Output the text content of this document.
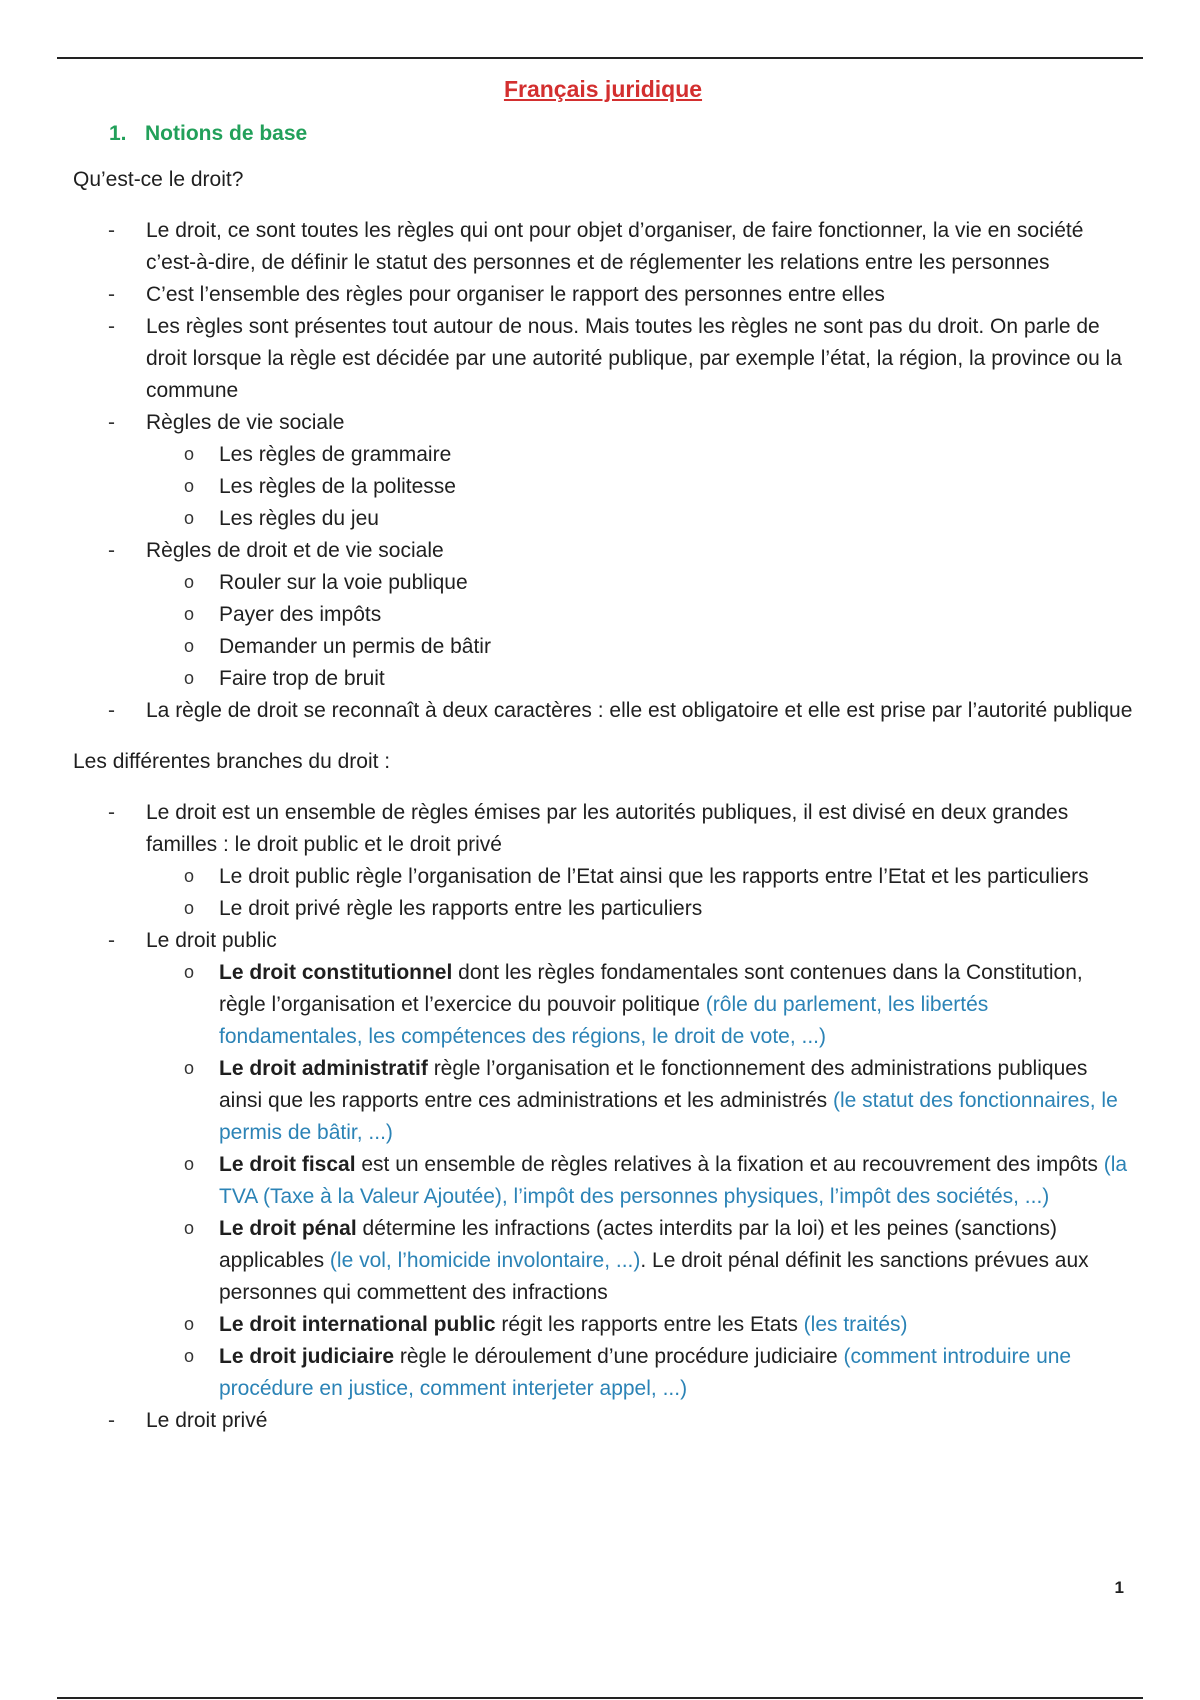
Français juridique
1. Notions de base
Qu’est-ce le droit?
- Le droit, ce sont toutes les règles qui ont pour objet d’organiser, de faire fonctionner, la vie en société c’est-à-dire, de définir le statut des personnes et de réglementer les relations entre les personnes
- C’est l’ensemble des règles pour organiser le rapport des personnes entre elles
- Les règles sont présentes tout autour de nous. Mais toutes les règles ne sont pas du droit. On parle de droit lorsque la règle est décidée par une autorité publique, par exemple l’état, la région, la province ou la commune
- Règles de vie sociale
o Les règles de grammaire
o Les règles de la politesse
o Les règles du jeu
- Règles de droit et de vie sociale
o Rouler sur la voie publique
o Payer des impôts
o Demander un permis de bâtir
o Faire trop de bruit
- La règle de droit se reconnaît à deux caractères : elle est obligatoire et elle est prise par l’autorité publique
Les différentes branches du droit :
- Le droit est un ensemble de règles émises par les autorités publiques, il est divisé en deux grandes familles : le droit public et le droit privé
o Le droit public règle l’organisation de l’Etat ainsi que les rapports entre l’Etat et les particuliers
o Le droit privé règle les rapports entre les particuliers
- Le droit public
o Le droit constitutionnel dont les règles fondamentales sont contenues dans la Constitution, règle l’organisation et l’exercice du pouvoir politique (rôle du parlement, les libertés fondamentales, les compétences des régions, le droit de vote, ...)
o Le droit administratif règle l’organisation et le fonctionnement des administrations publiques ainsi que les rapports entre ces administrations et les administrés (le statut des fonctionnaires, le permis de bâtir, ...)
o Le droit fiscal est un ensemble de règles relatives à la fixation et au recouvrement des impôts (la TVA (Taxe à la Valeur Ajoutée), l’impôt des personnes physiques, l’impôt des sociétés, ...)
o Le droit pénal détermine les infractions (actes interdits par la loi) et les peines (sanctions) applicables (le vol, l’homicide involontaire, ...). Le droit pénal définit les sanctions prévues aux personnes qui commettent des infractions
o Le droit international public régit les rapports entre les Etats (les traités)
o Le droit judiciaire règle le déroulement d’une procédure judiciaire (comment introduire une procédure en justice, comment interjeter appel, ...)
- Le droit privé
1
